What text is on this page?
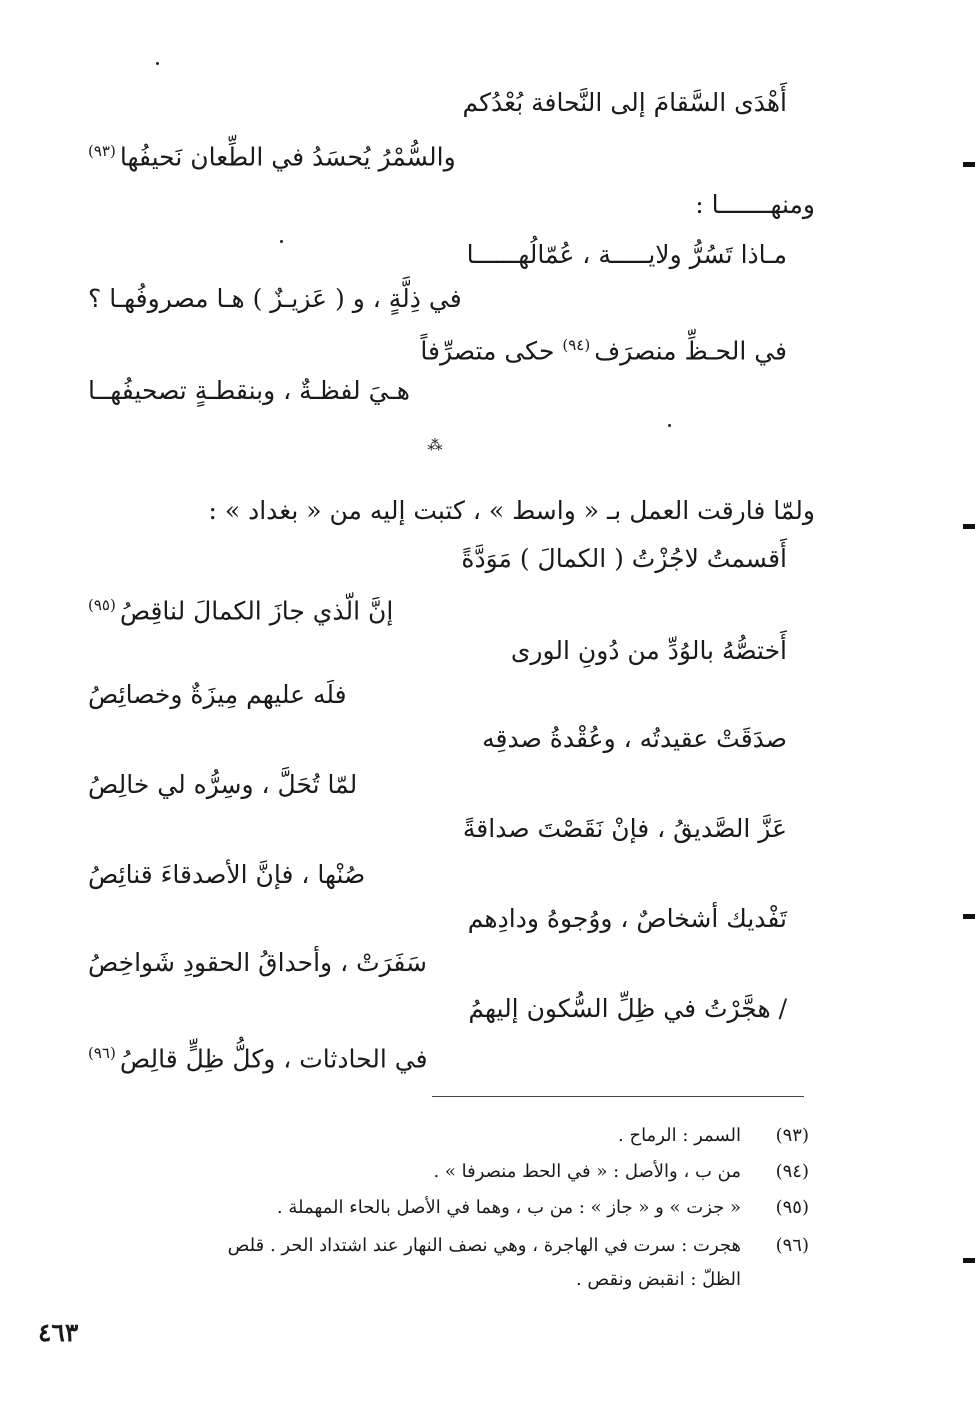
أَهْدَى السَّقامَ إلى النَّحافة بُعْدُكم
والسُّمْرُ يُحسَدُ في الطِّعان نَحيفُها$^{(٩٣)}$
ومنهـــــــا :
مـاذا تَسُرُّ ولايـــــة ، عُمّالُهــــــا
في ذِلَّةٍ ، و ( عَزيـزٌ ) هـا مصروفُهـا ؟
في الحـظِّ منصرَف$^{(٩٤)}$ حكى متصرِّفاً
هـيَ لفظـةٌ ، وبنقطـةٍ تصحيفُهــا
⁂
ولمّا فارقت العمل بـ « واسط » ، كتبت إليه من « بغداد » :
أَقسمتُ لاجُزْتُ ( الكمالَ ) مَوَدَّةً
إنَّ الّذي جازَ الكمالَ لناقِصُ$^{(٩٥)}$
أَختصُّهُ بالوُدِّ من دُونِ الورى
فلَه عليهم مِيزَةٌ وخصائِصُ
صدَقَتْ عقيدتُه ، وعُقْدةُ صدقِه
لمّا تُحَلَّ ، وسِرُّه لي خالِصُ
عَزَّ الصَّديقُ ، فإنْ نَقَصْتَ صداقةً
صُنْها ، فإنَّ الأصدقاءَ قنائِصُ
تَفْديك أشخاصٌ ، ووُجوهُ ودادِهم
سَفَرَتْ ، وأحداقُ الحقودِ شَواخِصُ
/ هجَّرْتُ في ظِلِّ السُّكون إليهمُ
في الحادثات ، وكلُّ ظِلٍّ قالِصُ$^{(٩٦)}$
(٩٣)
السمر : الرماح .
(٩٤)
من ب ، والأصل : « في الحط منصرفا » .
(٩٥)
« جزت » و « جاز » : من ب ، وهما في الأصل بالحاء المهملة .
(٩٦)
هجرت : سرت في الهاجرة ، وهي نصف النهار عند اشتداد الحر . قلص
الظلّ : انقبض ونقص .
٤٦٣
